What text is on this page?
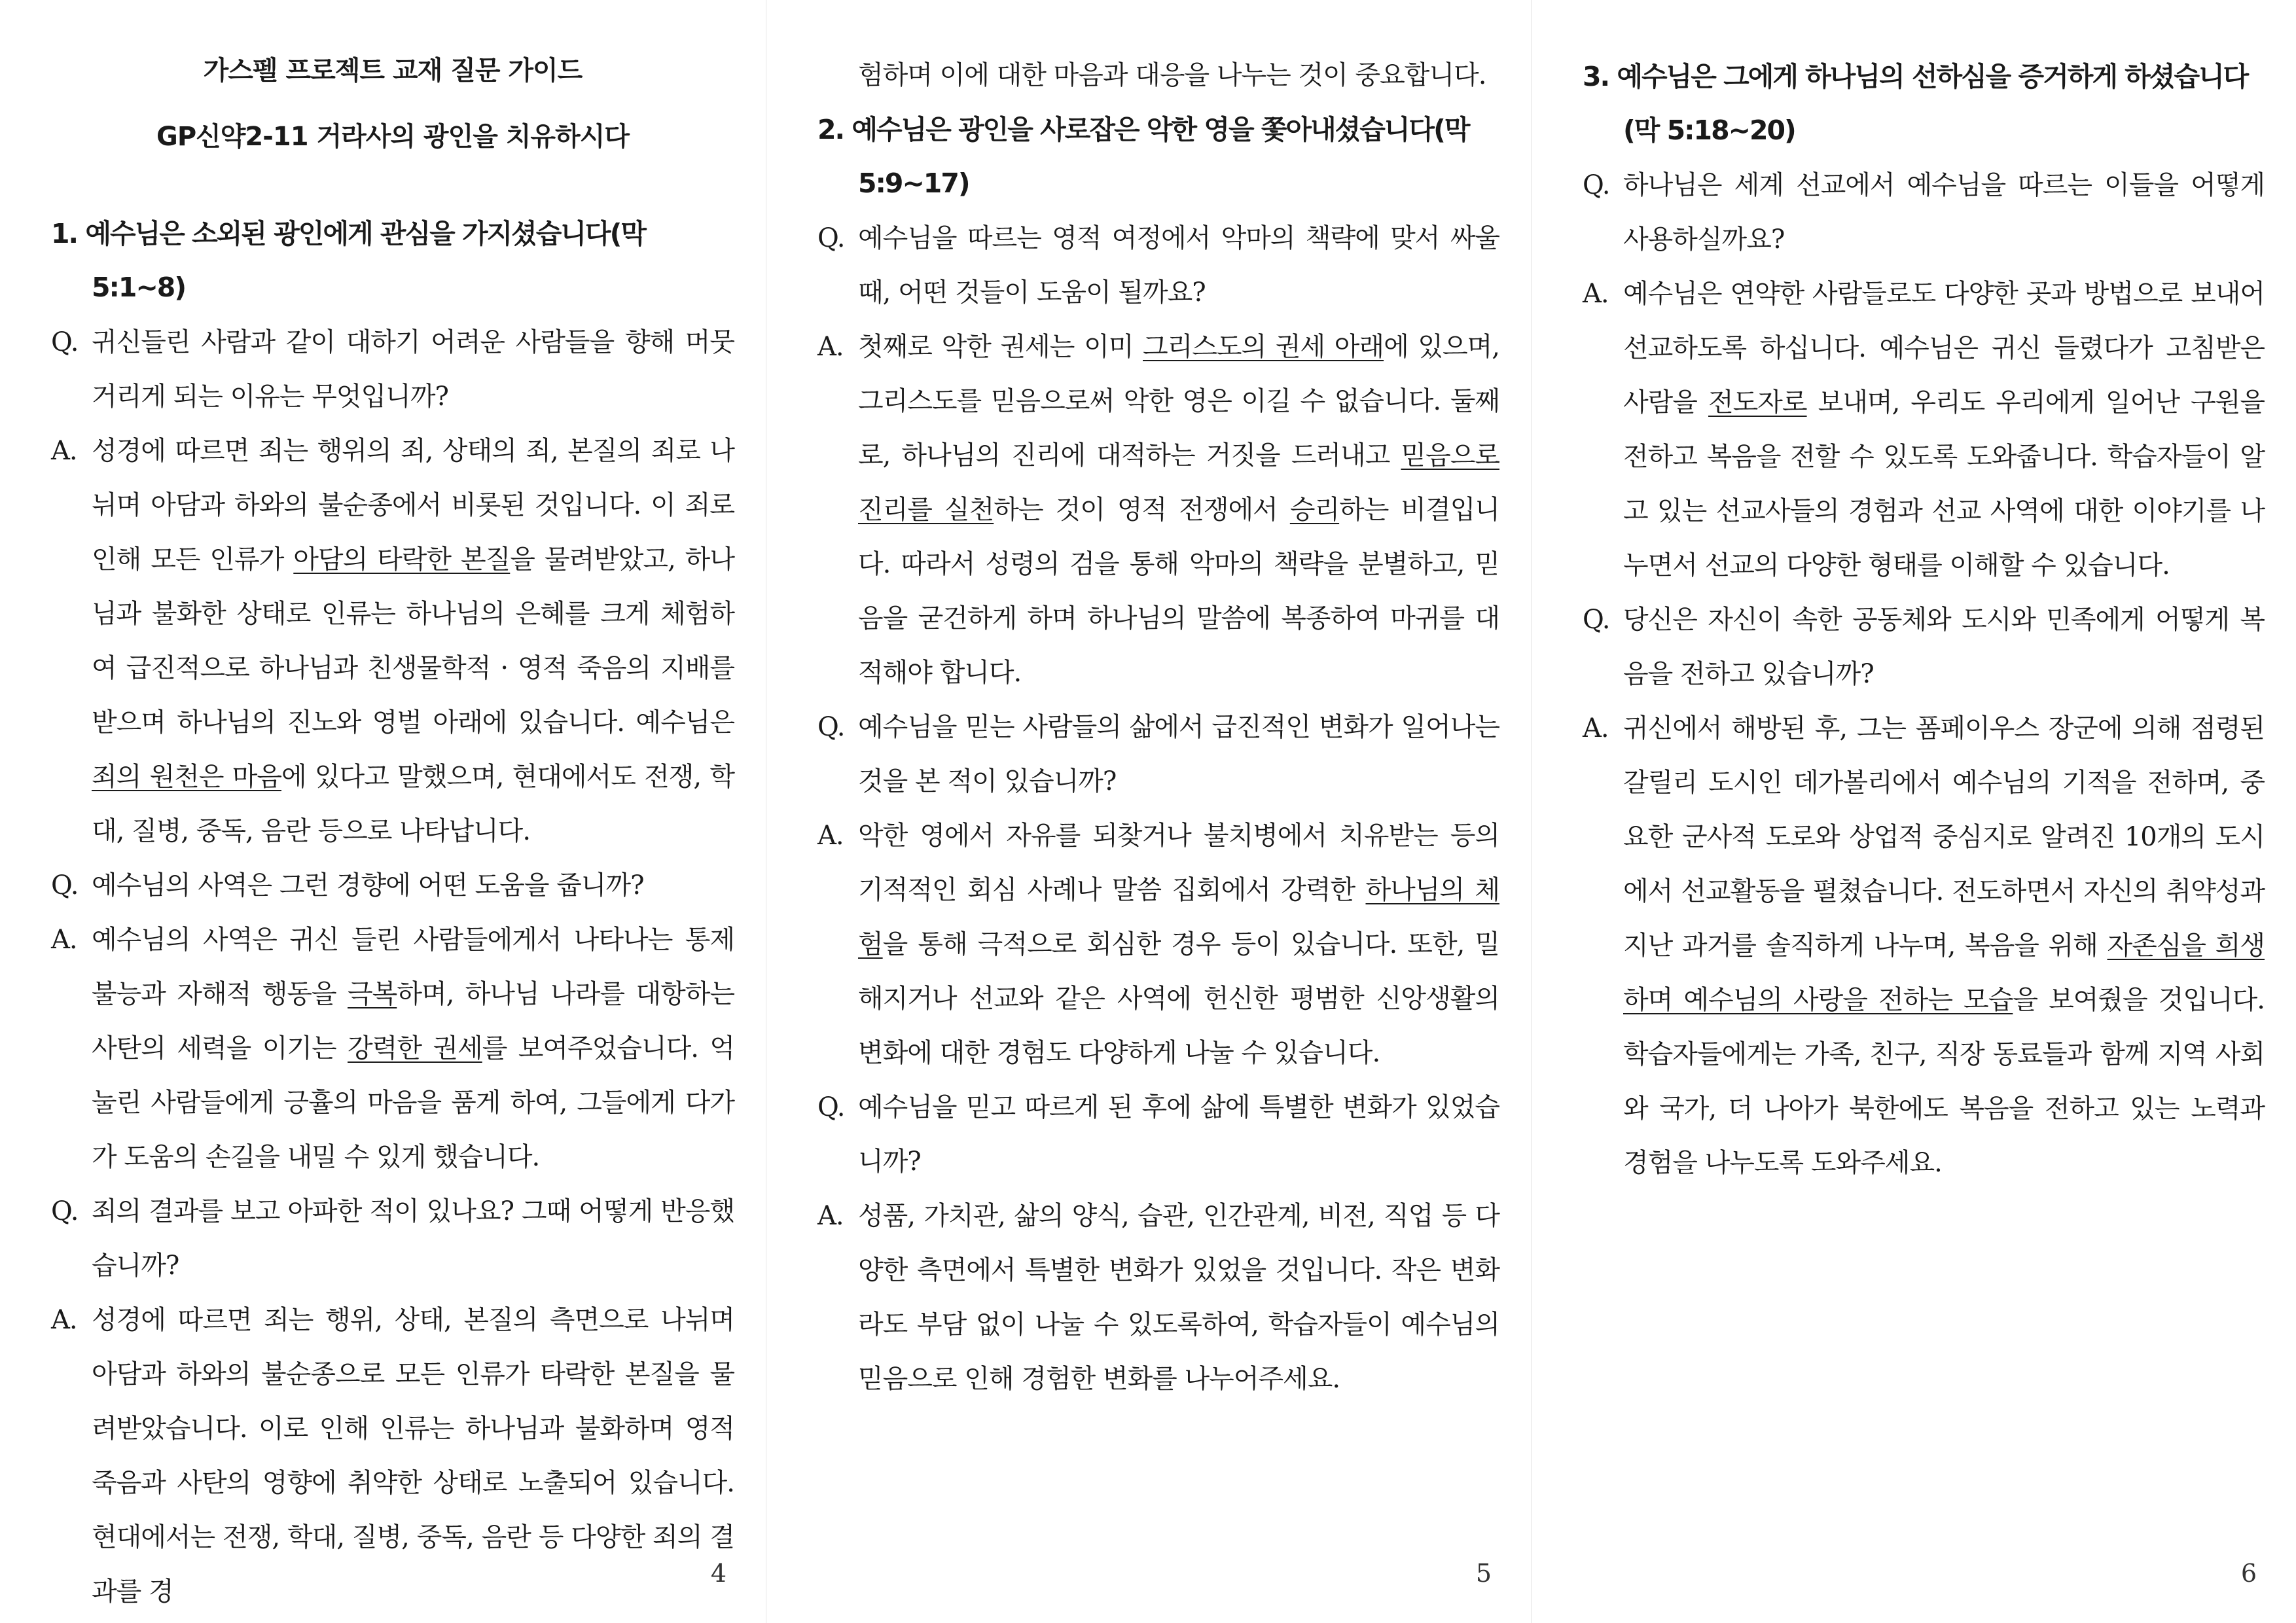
가스펠 프로젝트 교재 질문 가이드
GP신약2-11 거라사의 광인을 치유하시다
1. 예수님은 소외된 광인에게 관심을 가지셨습니다(막 5:1~8)
Q. 귀신들린 사람과 같이 대하기 어려운 사람들을 향해 머뭇거리게 되는 이유는 무엇입니까?
A. 성경에 따르면 죄는 행위의 죄, 상태의 죄, 본질의 죄로 나뉘며 아담과 하와의 불순종에서 비롯된 것입니다. 이 죄로 인해 모든 인류가 아담의 타락한 본질을 물려받았고, 하나님과 불화한 상태로 인류는 하나님의 은혜를 크게 체험하여 급진적으로 하나님과 친생물학적 · 영적 죽음의 지배를 받으며 하나님의 진노와 영벌 아래에 있습니다. 예수님은 죄의 원천은 마음에 있다고 말했으며, 현대에서도 전쟁, 학대, 질병, 중독, 음란 등으로 나타납니다.
Q. 예수님의 사역은 그런 경향에 어떤 도움을 줍니까?
A. 예수님의 사역은 귀신 들린 사람들에게서 나타나는 통제 불능과 자해적 행동을 극복하며, 하나님 나라를 대항하는 사탄의 세력을 이기는 강력한 권세를 보여주었습니다. 억눌린 사람들에게 긍휼의 마음을 품게 하여, 그들에게 다가가 도움의 손길을 내밀 수 있게 했습니다.
Q. 죄의 결과를 보고 아파한 적이 있나요? 그때 어떻게 반응했습니까?
A. 성경에 따르면 죄는 행위, 상태, 본질의 측면으로 나뉘며 아담과 하와의 불순종으로 모든 인류가 타락한 본질을 물려받았습니다. 이로 인해 인류는 하나님과 불화하며 영적 죽음과 사탄의 영향에 취약한 상태로 노출되어 있습니다. 현대에서는 전쟁, 학대, 질병, 중독, 음란 등 다양한 죄의 결과를 경
4
험하며 이에 대한 마음과 대응을 나누는 것이 중요합니다.
2. 예수님은 광인을 사로잡은 악한 영을 쫓아내셨습니다(막 5:9~17)
Q. 예수님을 따르는 영적 여정에서 악마의 책략에 맞서 싸울 때, 어떤 것들이 도움이 될까요?
A. 첫째로 악한 권세는 이미 그리스도의 권세 아래에 있으며, 그리스도를 믿음으로써 악한 영은 이길 수 없습니다. 둘째로, 하나님의 진리에 대적하는 거짓을 드러내고 믿음으로 진리를 실천하는 것이 영적 전쟁에서 승리하는 비결입니다. 따라서 성령의 검을 통해 악마의 책략을 분별하고, 믿음을 굳건하게 하며 하나님의 말씀에 복종하여 마귀를 대적해야 합니다.
Q. 예수님을 믿는 사람들의 삶에서 급진적인 변화가 일어나는 것을 본 적이 있습니까?
A. 악한 영에서 자유를 되찾거나 불치병에서 치유받는 등의 기적적인 회심 사례나 말씀 집회에서 강력한 하나님의 체험을 통해 극적으로 회심한 경우 등이 있습니다. 또한, 밀해지거나 선교와 같은 사역에 헌신한 평범한 신앙생활의 변화에 대한 경험도 다양하게 나눌 수 있습니다.
Q. 예수님을 믿고 따르게 된 후에 삶에 특별한 변화가 있었습니까?
A. 성품, 가치관, 삶의 양식, 습관, 인간관계, 비전, 직업 등 다양한 측면에서 특별한 변화가 있었을 것입니다. 작은 변화라도 부담 없이 나눌 수 있도록하여, 학습자들이 예수님의 믿음으로 인해 경험한 변화를 나누어주세요.
5
3. 예수님은 그에게 하나님의 선하심을 증거하게 하셨습니다(막 5:18~20)
Q. 하나님은 세계 선교에서 예수님을 따르는 이들을 어떻게 사용하실까요?
A. 예수님은 연약한 사람들로도 다양한 곳과 방법으로 보내어 선교하도록 하십니다. 예수님은 귀신 들렸다가 고침받은 사람을 전도자로 보내며, 우리도 우리에게 일어난 구원을 전하고 복음을 전할 수 있도록 도와줍니다. 학습자들이 알고 있는 선교사들의 경험과 선교 사역에 대한 이야기를 나누면서 선교의 다양한 형태를 이해할 수 있습니다.
Q. 당신은 자신이 속한 공동체와 도시와 민족에게 어떻게 복음을 전하고 있습니까?
A. 귀신에서 해방된 후, 그는 폼페이우스 장군에 의해 점령된 갈릴리 도시인 데가볼리에서 예수님의 기적을 전하며, 중요한 군사적 도로와 상업적 중심지로 알려진 10개의 도시에서 선교활동을 펼쳤습니다. 전도하면서 자신의 취약성과 지난 과거를 솔직하게 나누며, 복음을 위해 자존심을 희생하며 예수님의 사랑을 전하는 모습을 보여줬을 것입니다. 학습자들에게는 가족, 친구, 직장 동료들과 함께 지역 사회와 국가, 더 나아가 북한에도 복음을 전하고 있는 노력과 경험을 나누도록 도와주세요.
6
